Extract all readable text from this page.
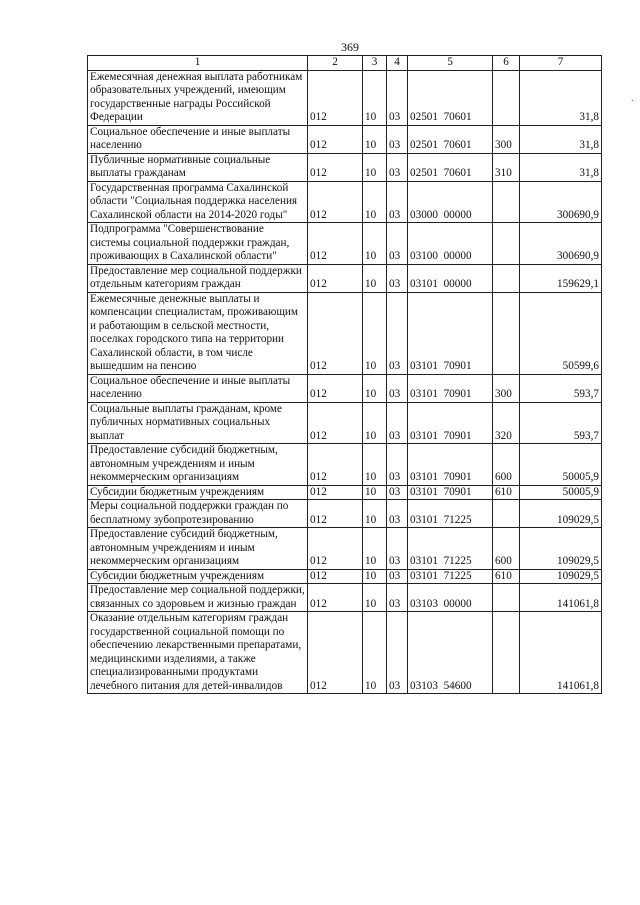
369
·
1	2	3	4	5	6	7
Ежемесячная денежная выплата работникам образовательных учреждений, имеющим государственные награды Российской Федерации	012	10	03	02501  70601		31,8
Социальное обеспечение и иные выплаты населению	012	10	03	02501  70601	300	31,8
Публичные нормативные социальные выплаты гражданам	012	10	03	02501  70601	310	31,8
Государственная программа Сахалинской области "Социальная поддержка населения Сахалинской области на 2014-2020 годы"	012	10	03	03000  00000		300690,9
Подпрограмма "Совершенствование системы социальной поддержки граждан, проживающих в Сахалинской области"	012	10	03	03100  00000		300690,9
Предоставление мер социальной поддержки отдельным категориям граждан	012	10	03	03101  00000		159629,1
Ежемесячные денежные выплаты и компенсации специалистам, проживающим и работающим в сельской местности, поселках городского типа на территории Сахалинской области, в том числе вышедшим на пенсию	012	10	03	03101  70901		50599,6
Социальное обеспечение и иные выплаты населению	012	10	03	03101  70901	300	593,7
Социальные выплаты гражданам, кроме публичных нормативных социальных выплат	012	10	03	03101  70901	320	593,7
Предоставление субсидий бюджетным, автономным учреждениям и иным некоммерческим организациям	012	10	03	03101  70901	600	50005,9
Субсидии бюджетным учреждениям	012	10	03	03101  70901	610	50005,9
Меры социальной поддержки граждан по бесплатному зубопротезированию	012	10	03	03101  71225		109029,5
Предоставление субсидий бюджетным, автономным учреждениям и иным некоммерческим организациям	012	10	03	03101  71225	600	109029,5
Субсидии бюджетным учреждениям	012	10	03	03101  71225	610	109029,5
Предоставление мер социальной поддержки, связанных со здоровьем и жизнью граждан	012	10	03	03103  00000		141061,8
Оказание отдельным категориям граждан государственной социальной помощи по обеспечению лекарственными препаратами, медицинскими изделиями, а также специализированными продуктами лечебного питания для детей-инвалидов	012	10	03	03103  54600		141061,8
